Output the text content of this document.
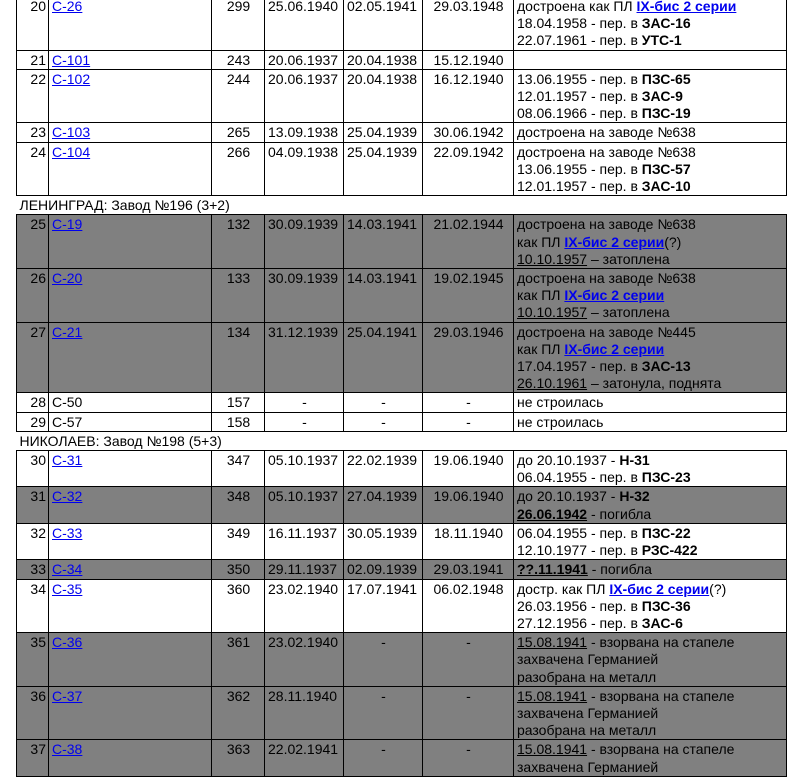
20	С-26	299	25.06.1940	02.05.1941	29.03.1948	достроена как ПЛ IX-бис 2 серии
18.04.1958 - пер. в ЗАС-16
22.07.1961 - пер. в УТС-1

21	С-101	243	20.06.1937	20.04.1938	15.12.1940	
22	С-102	244	20.06.1937	20.04.1938	16.12.1940	13.06.1955 - пер. в ПЗС-65
12.01.1957 - пер. в ЗАС-9
08.06.1966 - пер. в ПЗС-19

23	С-103	265	13.09.1938	25.04.1939	30.06.1942	достроена на заводе №638

24	С-104	266	04.09.1938	25.04.1939	22.09.1942	достроена на заводе №638
13.06.1955 - пер. в ПЗС-57
12.01.1957 - пер. в ЗАС-10

ЛЕНИНГРАД: Завод №196 (3+2)						
25	С-19	132	30.09.1939	14.03.1941	21.02.1944	достроена на заводе №638
как ПЛ IX-бис 2 серии(?)
10.10.1957 – затоплена

26	С-20	133	30.09.1939	14.03.1941	19.02.1945	достроена на заводе №638
как ПЛ IX-бис 2 серии
10.10.1957 – затоплена

27	С-21	134	31.12.1939	25.04.1941	29.03.1946	достроена на заводе №445
как ПЛ IX-бис 2 серии
17.04.1957 - пер. в ЗАС-13
26.10.1961 – затонула, поднята

28	С-50	157	-	-	-	не строилась

29	С-57	158	-	-	-	не строилась

НИКОЛАЕВ: Завод №198 (5+3)						
30	С-31	347	05.10.1937	22.02.1939	19.06.1940	до 20.10.1937 - Н-31
06.04.1955 - пер. в ПЗС-23

31	С-32	348	05.10.1937	27.04.1939	19.06.1940	до 20.10.1937 - Н-32
26.06.1942 - погибла

32	С-33	349	16.11.1937	30.05.1939	18.11.1940	06.04.1955 - пер. в ПЗС-22
12.10.1977 - пер. в РЗС-422

33	С-34	350	29.11.1937	02.09.1939	29.03.1941	??.11.1941 - погибла

34	С-35	360	23.02.1940	17.07.1941	06.02.1948	достр. как ПЛ IX-бис 2 серии(?)
26.03.1956 - пер. в ПЗС-36
27.12.1956 - пер. в ЗАС-6

35	С-36	361	23.02.1940	-	-	15.08.1941 - взорвана на стапеле
захвачена Германией
разобрана на металл

36	С-37	362	28.11.1940	-	-	15.08.1941 - взорвана на стапеле
захвачена Германией
разобрана на металл

37	С-38	363	22.02.1941	-	-	15.08.1941 - взорвана на стапеле
захвачена Германией
